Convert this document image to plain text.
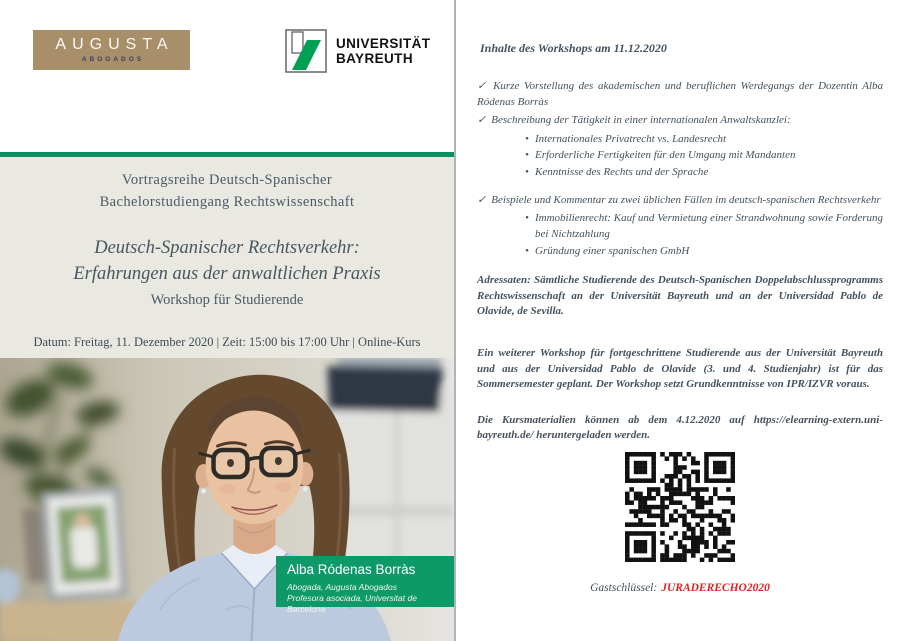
AUGUSTA
ABOGADOS
UNIVERSITÄT
BAYREUTH
Vortragsreihe Deutsch-Spanischer
Bachelorstudiengang Rechtswissenschaft
Deutsch-Spanischer Rechtsverkehr:
Erfahrungen aus der anwaltlichen Praxis
Workshop für Studierende
Datum: Freitag, 11. Dezember 2020 | Zeit: 15:00 bis 17:00 Uhr | Online-Kurs
Alba Ródenas Borràs
Abogada, Augusta Abogados
Profesora asociada, Universitat de Barcelona
Inhalte des Workshops am 11.12.2020

✓ Kurze Vorstellung des akademischen und beruflichen Werdegangs der Dozentin Alba Ródenas Borràs

✓ Beschreibung der Tätigkeit in einer internationalen Anwaltskanzlei:

• Internationales Privatrecht vs. Landesrecht
• Erforderliche Fertigkeiten für den Umgang mit Mandanten
• Kenntnisse des Rechts und der Sprache

✓ Beispiele und Kommentar zu zwei üblichen Fällen im deutsch-spanischen Rechtsverkehr

• Immobilienrecht: Kauf und Vermietung einer Strandwohnung sowie Forderung bei Nichtzahlung
• Gründung einer spanischen GmbH

Adressaten: Sämtliche Studierende des Deutsch-Spanischen Doppelabschlussprogramms Rechtswissenschaft an der Universität Bayreuth und an der Universidad Pablo de Olavide, de Sevilla.

Ein weiterer Workshop für fortgeschrittene Studierende aus der Universität Bayreuth und aus der Universidad Pablo de Olavide (3. und 4. Studienjahr) ist für das Sommersemester geplant. Der Workshop setzt Grundkenntnisse von IPR/IZVR voraus.

Die Kursmaterialien können ab dem 4.12.2020 auf https://elearning-extern.uni-bayreuth.de/ heruntergeladen werden.

Gastschlüssel: JURADERECHO2020
